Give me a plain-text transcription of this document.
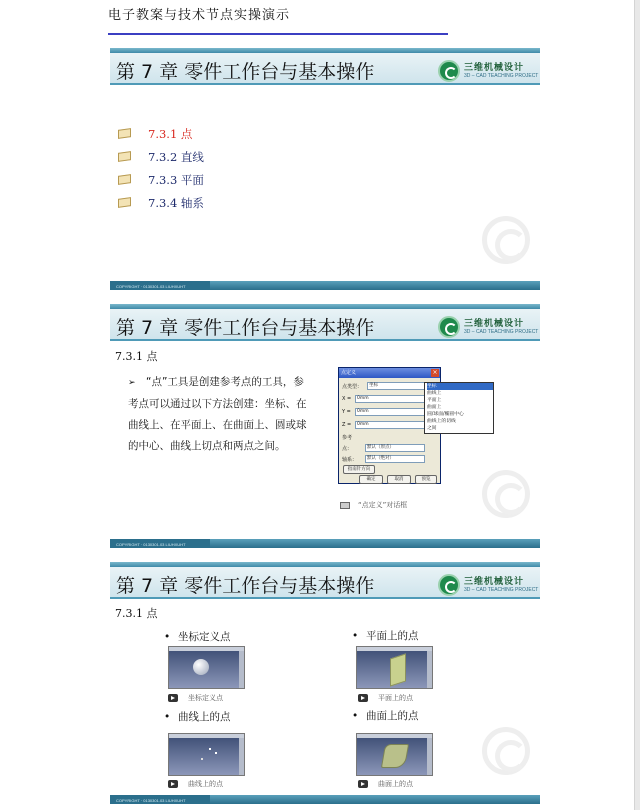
电子教案与技术节点实操演示
第 7 章 零件工作台与基本操作	三维机械设计
3D – CAD TEACHING PROJECT
7.3.1 点
7.3.2 直线
7.3.3 平面
7.3.4 轴系
COPYRIGHT · 0130301.03 LIUHXUHT
第 7 章 零件工作台与基本操作	三维机械设计
3D – CAD TEACHING PROJECT
7.3.1 点
➢ “点”工具是创建参考点的工具，参考点可以通过以下方法创建：坐标、在曲线上、在平面上、在曲面上、圆或球的中心、曲线上切点和两点之间。
点定义	×
点类型：	坐标
X =	0mm
Y =	0mm
Z =	0mm
参考
点：	默认（原点）
轴系：	默认（绝对）
指南针方向
确定	取消	预览
坐标
曲线上
平面上
曲面上
圆/球面/椭圆中心
曲线上的切线
之间
“点定义”对话框
COPYRIGHT · 0130301.03 LIUHXUHT
第 7 章 零件工作台与基本操作	三维机械设计
3D – CAD TEACHING PROJECT
7.3.1 点
• 坐标定义点
坐标定义点
• 平面上的点
平面上的点
• 曲线上的点
曲线上的点
• 曲面上的点
曲面上的点
COPYRIGHT · 0130301.03 LIUHXUHT
